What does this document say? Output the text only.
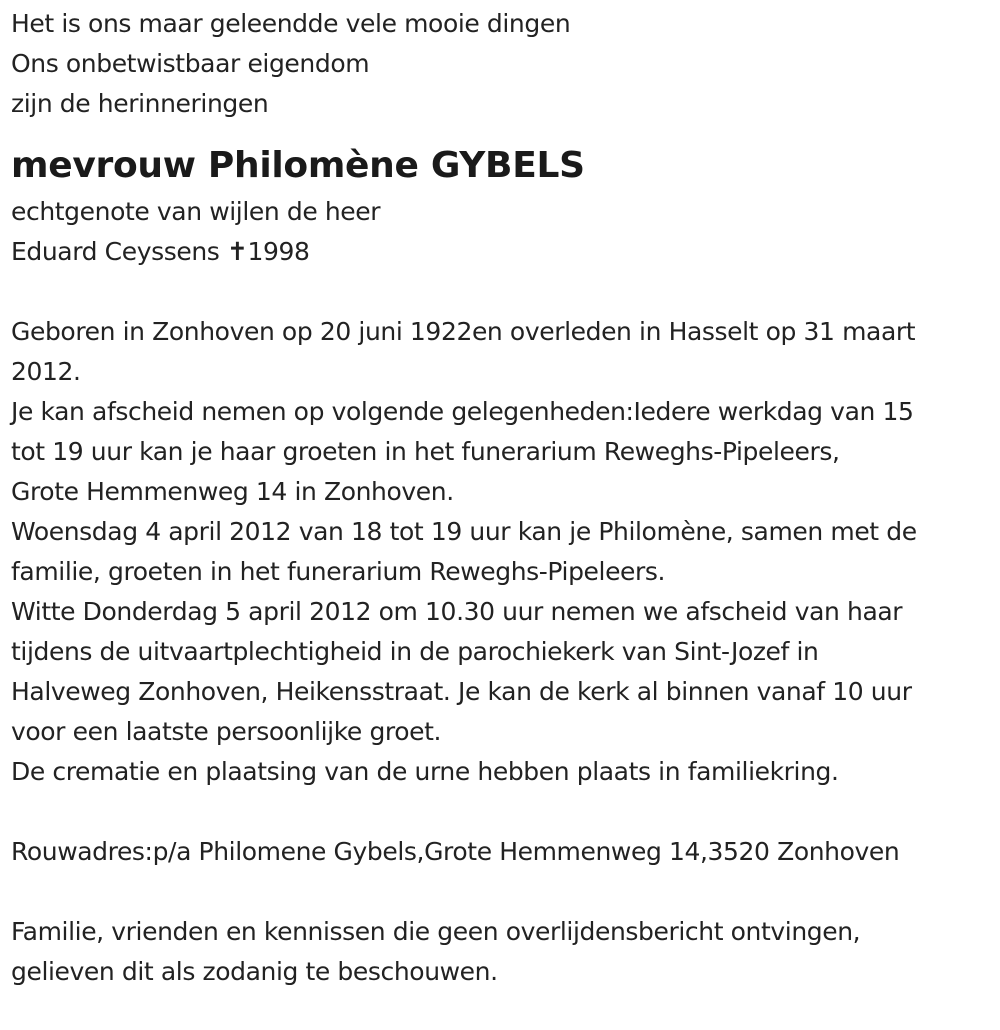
Het is ons maar geleendde vele mooie dingen
Ons onbetwistbaar eigendom
zijn de herinneringen
mevrouw Philomène GYBELS
echtgenote van wijlen de heer
Eduard Ceyssens ✝1998
Geboren in Zonhoven op 20 juni 1922en overleden in Hasselt op 31 maart
2012.
Je kan afscheid nemen op volgende gelegenheden:Iedere werkdag van 15
tot 19 uur kan je haar groeten in het funerarium Reweghs-Pipeleers,
Grote Hemmenweg 14 in Zonhoven.
Woensdag 4 april 2012 van 18 tot 19 uur kan je Philomène, samen met de
familie, groeten in het funerarium Reweghs-Pipeleers.
Witte Donderdag 5 april 2012 om 10.30 uur nemen we afscheid van haar
tijdens de uitvaartplechtigheid in de parochiekerk van Sint-Jozef in
Halveweg Zonhoven, Heikensstraat. Je kan de kerk al binnen vanaf 10 uur
voor een laatste persoonlijke groet.
De crematie en plaatsing van de urne hebben plaats in familiekring.
Rouwadres:p/a Philomene Gybels,Grote Hemmenweg 14,3520 Zonhoven
Familie, vrienden en kennissen die geen overlijdensbericht ontvingen,
gelieven dit als zodanig te beschouwen.
